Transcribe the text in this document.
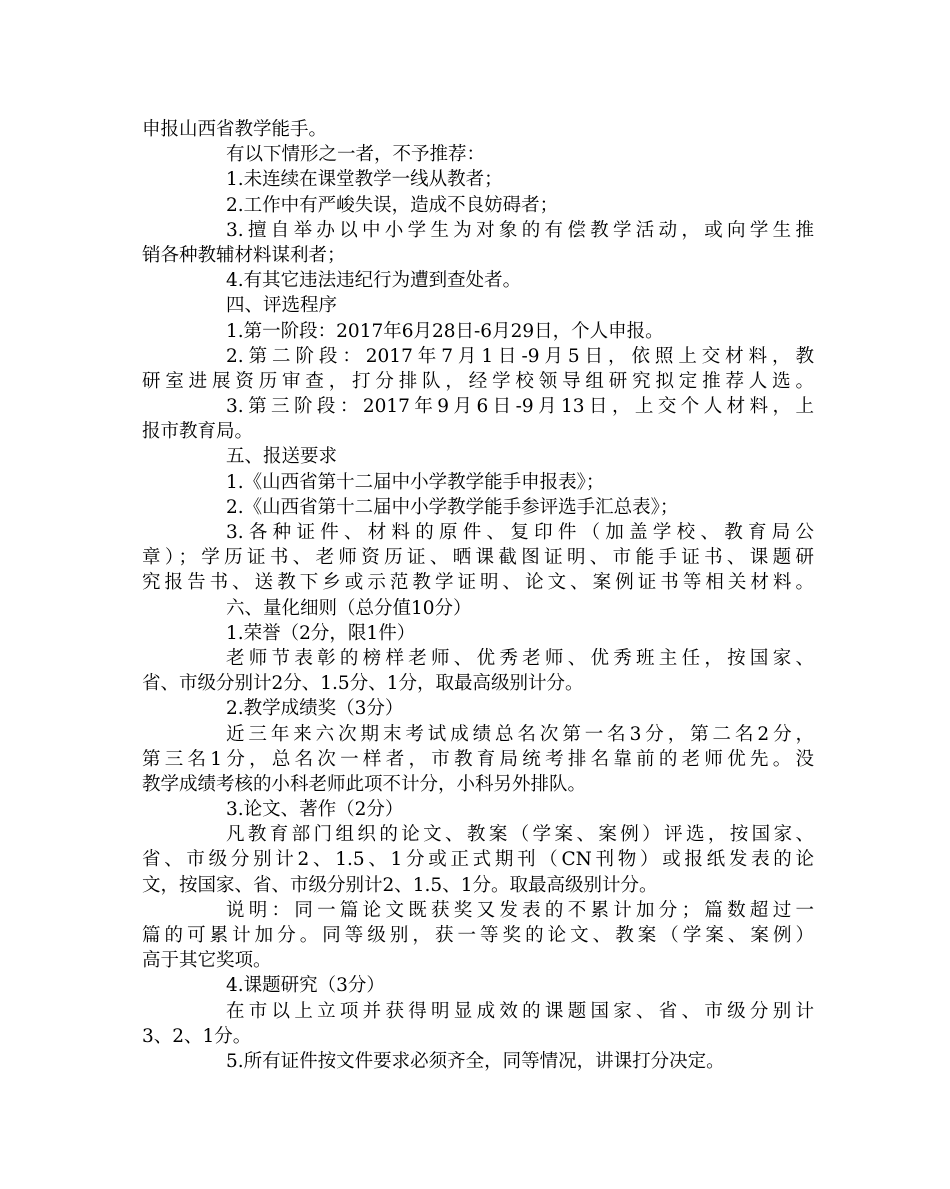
申报山西省教学能手。
有以下情形之一者，不予推荐：
1.未连续在课堂教学一线从教者；
2.工作中有严峻失误，造成不良妨碍者；
3.擅自举办以中小学生为对象的有偿教学活动，或向学生推
销各种教辅材料谋利者；
4.有其它违法违纪行为遭到查处者。
四、评选程序
1.第一阶段：2017年6月28日-6月29日，个人申报。
2.第二阶段：2017年7月1日-9月5日，依照上交材料，教
研室进展资历审查，打分排队，经学校领导组研究拟定推荐人选。
3.第三阶段：2017年9月6日-9月13日，上交个人材料，上
报市教育局。
五、报送要求
1.《山西省第十二届中小学教学能手申报表》；
2.《山西省第十二届中小学教学能手参评选手汇总表》；
3.各种证件、材料的原件、复印件（加盖学校、教育局公
章）；学历证书、老师资历证、晒课截图证明、市能手证书、课题研
究报告书、送教下乡或示范教学证明、论文、案例证书等相关材料。
六、量化细则（总分值10分）
1.荣誉（2分，限1件）
老师节表彰的榜样老师、优秀老师、优秀班主任，按国家、
省、市级分别计2分、1.5分、1分，取最高级别计分。
2.教学成绩奖（3分）
近三年来六次期末考试成绩总名次第一名3分，第二名2分，
第三名1分，总名次一样者，市教育局统考排名靠前的老师优先。没
教学成绩考核的小科老师此项不计分，小科另外排队。
3.论文、著作（2分）
凡教育部门组织的论文、教案（学案、案例）评选，按国家、
省、市级分别计2、1.5、1分或正式期刊（CN刊物）或报纸发表的论
文，按国家、省、市级分别计2、1.5、1分。取最高级别计分。
说明：同一篇论文既获奖又发表的不累计加分；篇数超过一
篇的可累计加分。同等级别，获一等奖的论文、教案（学案、案例）
高于其它奖项。
4.课题研究（3分）
在市以上立项并获得明显成效的课题国家、省、市级分别计
3、2、1分。
5.所有证件按文件要求必须齐全，同等情况，讲课打分决定。
